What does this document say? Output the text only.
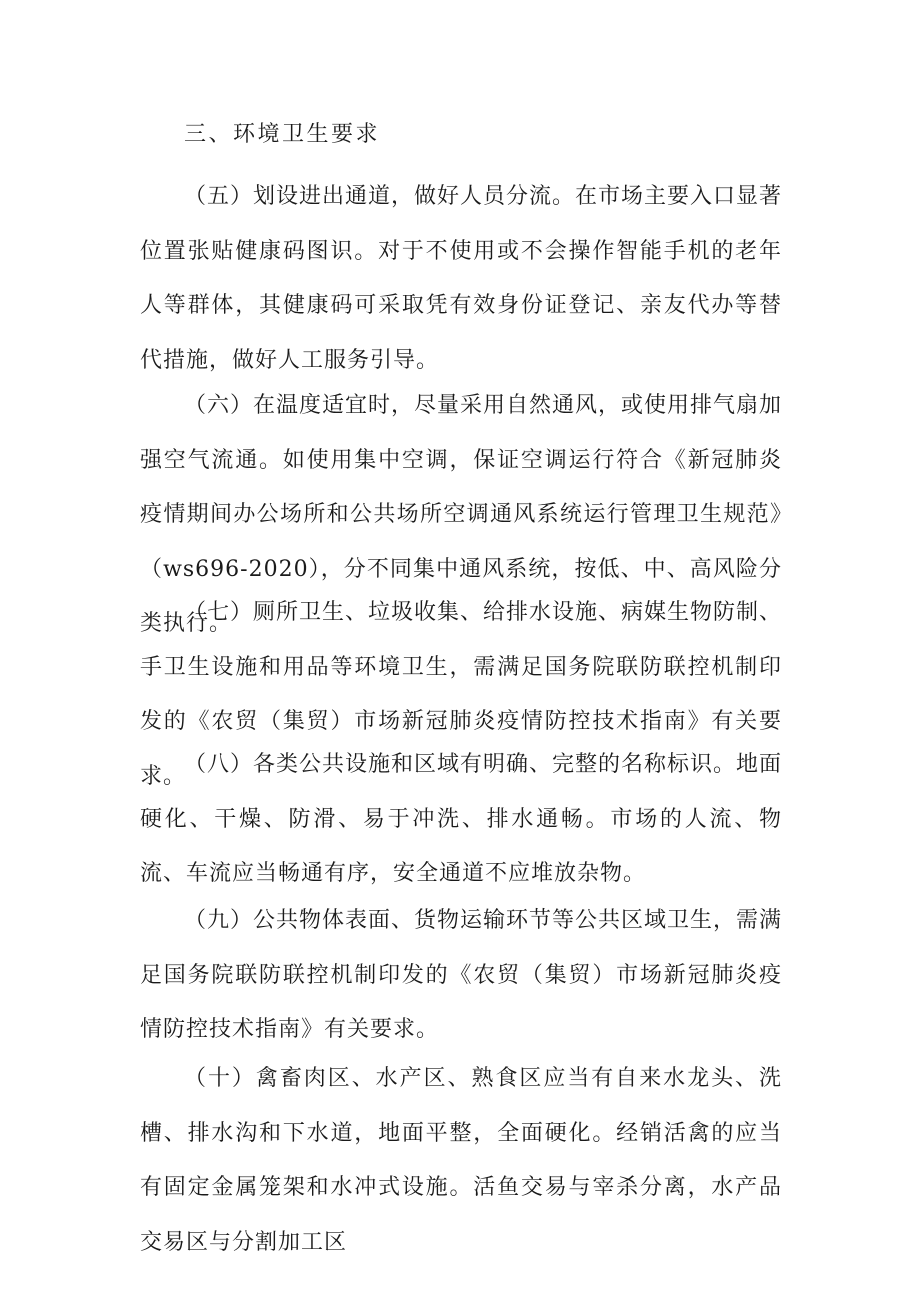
三、环境卫生要求

（五）划设进出通道，做好人员分流。在市场主要入口显著位置张贴健康码图识。对于不使用或不会操作智能手机的老年人等群体，其健康码可采取凭有效身份证登记、亲友代办等替代措施，做好人工服务引导。

（六）在温度适宜时，尽量采用自然通风，或使用排气扇加强空气流通。如使用集中空调，保证空调运行符合《新冠肺炎疫情期间办公场所和公共场所空调通风系统运行管理卫生规范》（ws696-2020），分不同集中通风系统，按低、中、高风险分类执行。

（七）厕所卫生、垃圾收集、给排水设施、病媒生物防制、手卫生设施和用品等环境卫生，需满足国务院联防联控机制印发的《农贸（集贸）市场新冠肺炎疫情防控技术指南》有关要求。

（八）各类公共设施和区域有明确、完整的名称标识。地面硬化、干燥、防滑、易于冲洗、排水通畅。市场的人流、物流、车流应当畅通有序，安全通道不应堆放杂物。

（九）公共物体表面、货物运输环节等公共区域卫生，需满足国务院联防联控机制印发的《农贸（集贸）市场新冠肺炎疫情防控技术指南》有关要求。

（十）禽畜肉区、水产区、熟食区应当有自来水龙头、洗槽、排水沟和下水道，地面平整，全面硬化。经销活禽的应当有固定金属笼架和水冲式设施。活鱼交易与宰杀分离，水产品交易区与分割加工区
